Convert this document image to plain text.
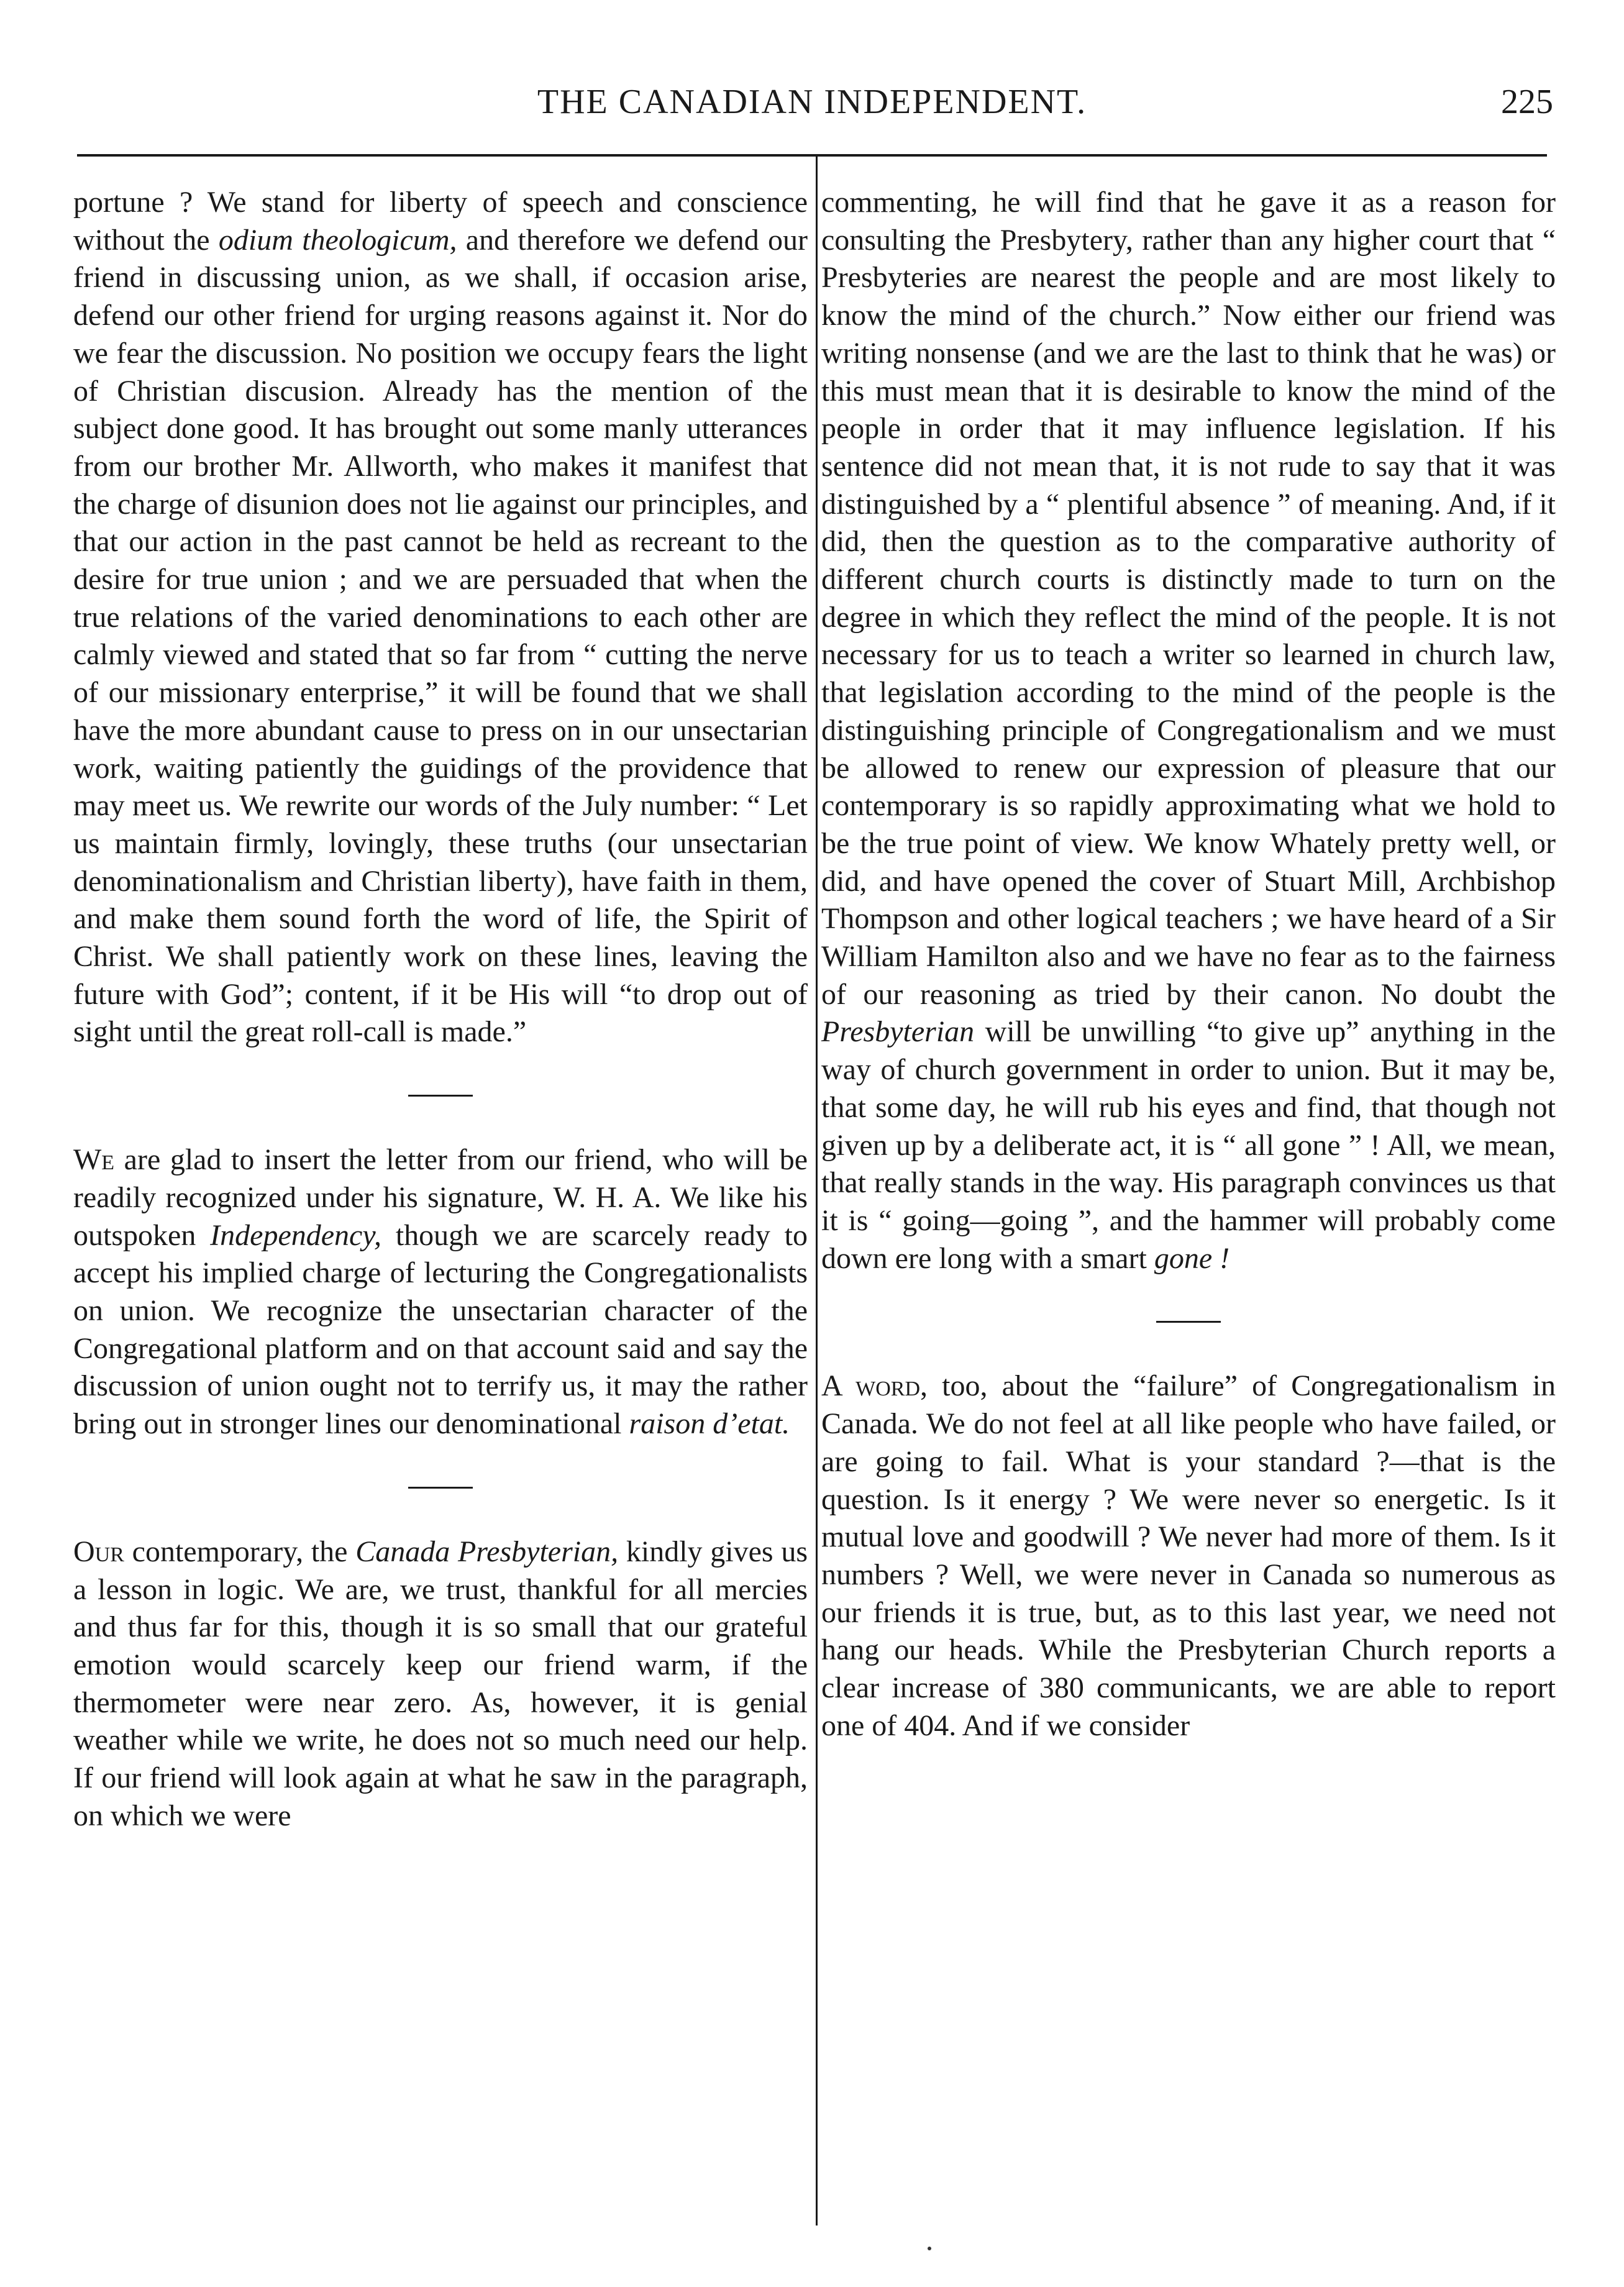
THE CANADIAN INDEPENDENT.	225

portune ? We stand for liberty of speech and conscience without the odium theologicum, and therefore we defend our friend in discussing union, as we shall, if occasion arise, defend our other friend for urging reasons against it. Nor do we fear the discussion. No position we occupy fears the light of Christian discusion. Already has the mention of the subject done good. It has brought out some manly utterances from our brother Mr. Allworth, who makes it manifest that the charge of disunion does not lie against our principles, and that our action in the past cannot be held as recreant to the desire for true union ; and we are persuaded that when the true relations of the varied denominations to each other are calmly viewed and stated that so far from “ cutting the nerve of our missionary enterprise,” it will be found that we shall have the more abundant cause to press on in our unsectarian work, waiting patiently the guidings of the providence that may meet us. We rewrite our words of the July number: “ Let us maintain firmly, lovingly, these truths (our unsectarian denominationalism and Christian liberty), have faith in them, and make them sound forth the word of life, the Spirit of Christ. We shall patiently work on these lines, leaving the future with God”; content, if it be His will “to drop out of sight until the great roll-call is made.”

We are glad to insert the letter from our friend, who will be readily recognized under his signature, W. H. A. We like his outspoken Independency, though we are scarcely ready to accept his implied charge of lecturing the Congregationalists on union. We recognize the unsectarian character of the Congregational platform and on that account said and say the discussion of union ought not to terrify us, it may the rather bring out in stronger lines our denominational raison d’etat.

Our contemporary, the Canada Presbyterian, kindly gives us a lesson in logic. We are, we trust, thankful for all mercies and thus far for this, though it is so small that our grateful emotion would scarcely keep our friend warm, if the thermometer were near zero. As, however, it is genial weather while we write, he does not so much need our help. If our friend will look again at what he saw in the paragraph, on which we were

commenting, he will find that he gave it as a reason for consulting the Presbytery, rather than any higher court that “ Presbyteries are nearest the people and are most likely to know the mind of the church.” Now either our friend was writing nonsense (and we are the last to think that he was) or this must mean that it is desirable to know the mind of the people in order that it may influence legislation. If his sentence did not mean that, it is not rude to say that it was distinguished by a “ plentiful absence ” of meaning. And, if it did, then the question as to the comparative authority of different church courts is distinctly made to turn on the degree in which they reflect the mind of the people. It is not necessary for us to teach a writer so learned in church law, that legislation according to the mind of the people is the distinguishing principle of Congregationalism and we must be allowed to renew our expression of pleasure that our contemporary is so rapidly approximating what we hold to be the true point of view. We know Whately pretty well, or did, and have opened the cover of Stuart Mill, Archbishop Thompson and other logical teachers ; we have heard of a Sir William Hamilton also and we have no fear as to the fairness of our reasoning as tried by their canon. No doubt the Presbyterian will be unwilling “to give up” anything in the way of church government in order to union. But it may be, that some day, he will rub his eyes and find, that though not given up by a deliberate act, it is “ all gone ” ! All, we mean, that really stands in the way. His paragraph convinces us that it is “ going—going ”, and the hammer will probably come down ere long with a smart gone !

A word, too, about the “failure” of Congregationalism in Canada. We do not feel at all like people who have failed, or are going to fail. What is your standard ?—that is the question. Is it energy ? We were never so energetic. Is it mutual love and goodwill ? We never had more of them. Is it numbers ? Well, we were never in Canada so numerous as our friends it is true, but, as to this last year, we need not hang our heads. While the Presbyterian Church reports a clear increase of 380 communicants, we are able to report one of 404. And if we consider
